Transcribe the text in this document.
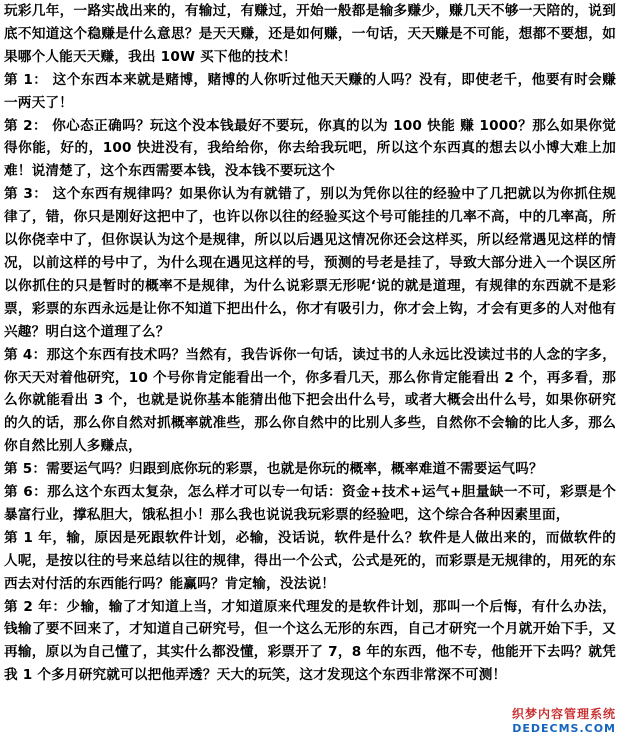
玩彩几年，一路实战出来的，有输过，有赚过，开始一般都是输多赚少，赚几天不够一天陪的，说到底不知道这个稳赚是什么意思？是天天赚，还是如何赚，一句话，天天赚是不可能，想都不要想，如果哪个人能天天赚，我出 10W 买下他的技术！

第 1： 这个东西本来就是赌博，赌博的人你听过他天天赚的人吗？没有，即使老千，他要有时会赚一两天了！

第 2： 你心态正确吗？玩这个没本钱最好不要玩，你真的以为 100 快能 赚 1000？那么如果你觉得你能，好的，100 快进没有，我给给你，你去给我玩吧，所以这个东西真的想去以小博大难上加难！说清楚了，这个东西需要本钱，没本钱不要玩这个

第 3： 这个东西有规律吗？如果你认为有就错了，别以为凭你以往的经验中了几把就以为你抓住规律了，错，你只是刚好这把中了，也许以你以往的经验买这个号可能挂的几率不高，中的几率高，所以你侥幸中了，但你误认为这个是规律，所以以后遇见这情况你还会这样买，所以经常遇见这样的情况，以前这样的号中了，为什么现在遇见这样的号，预测的号老是挂了，导致大部分进入一个误区所以你抓住的只是暂时的概率不是规律，为什么说彩票无形呢‘说的就是道理，有规律的东西就不是彩票，彩票的东西永远是让你不知道下把出什么，你才有吸引力，你才会上钩，才会有更多的人对他有兴趣？明白这个道理了么？

第 4：那这个东西有技术吗？当然有，我告诉你一句话，读过书的人永远比没读过书的人念的字多，你天天对着他研究，10 个号你肯定能看出一个，你多看几天，那么你肯定能看出 2 个，再多看，那么你就能看出 3 个，也就是说你基本能猜出他下把会出什么号，或者大概会出什么号，如果你研究的久的话，那么你自然对抓概率就准些，那么你自然中的比别人多些，自然你不会输的比人多，那么你自然比别人多赚点，

第 5：需要运气吗？归跟到底你玩的彩票，也就是你玩的概率，概率难道不需要运气吗？

第 6：那么这个东西太复杂，怎么样才可以专一句话：资金+技术+运气+胆量缺一不可，彩票是个暴富行业，撑私胆大，饿私担小！那么我也说说我玩彩票的经验吧，这个综合各种因素里面，

第 1 年，输，原因是死跟软件计划，必输，没话说，软件是什么？软件是人做出来的，而做软件的人呢，是按以往的号来总结以往的规律，得出一个公式，公式是死的，而彩票是无规律的，用死的东西去对付活的东西能行吗？能赢吗？肯定输，没法说！

第 2 年：少输，输了才知道上当，才知道原来代理发的是软件计划，那叫一个后悔，有什么办法，钱输了要不回来了，才知道自己研究号，但一个这么无形的东西，自己才研究一个月就开始下手，又再输，原以为自己懂了，其实什么都没懂，彩票开了 7，8 年的东西，他不专，他能开下去吗？就凭我 1 个多月研究就可以把他弄透？天大的玩笑，这才发现这个东西非常深不可测！

织梦内容管理系统
DEDECMS.COM
